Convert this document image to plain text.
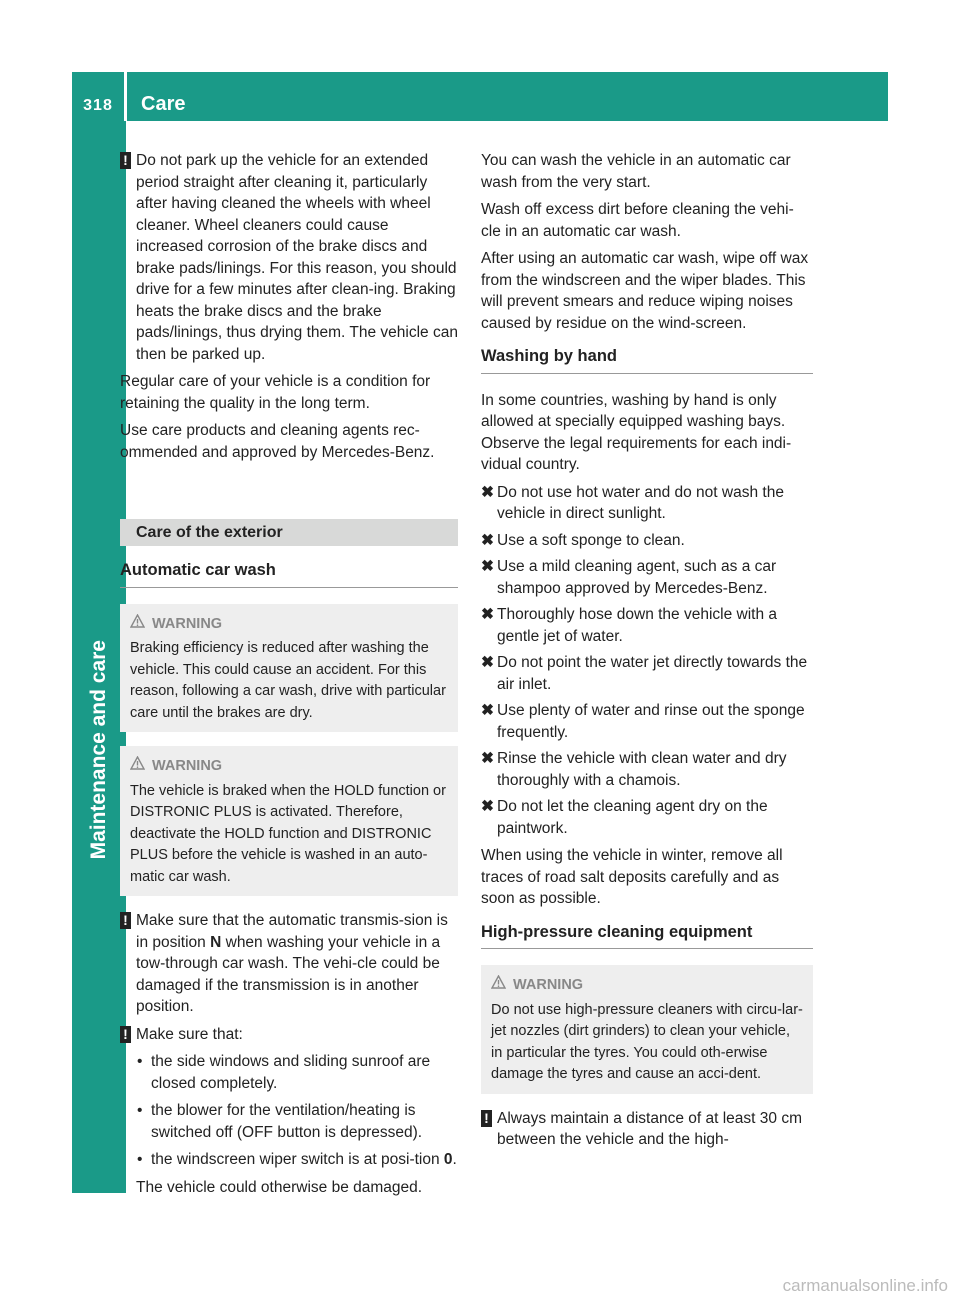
318	Care
Maintenance and care
! Do not park up the vehicle for an extended period straight after cleaning it, particularly after having cleaned the wheels with wheel cleaner. Wheel cleaners could cause increased corrosion of the brake discs and brake pads/linings. For this reason, you should drive for a few minutes after clean-ing. Braking heats the brake discs and the brake pads/linings, thus drying them. The vehicle can then be parked up.

Regular care of your vehicle is a condition for retaining the quality in the long term.

Use care products and cleaning agents rec-ommended and approved by Mercedes-Benz.

Care of the exterior
Automatic car wash
WARNING
Braking efficiency is reduced after washing the vehicle. This could cause an accident. For this reason, following a car wash, drive with particular care until the brakes are dry.
WARNING
The vehicle is braked when the HOLD function or DISTRONIC PLUS is activated. Therefore, deactivate the HOLD function and DISTRONIC PLUS before the vehicle is washed in an auto-matic car wash.
! Make sure that the automatic transmis-sion is in position N when washing your vehicle in a tow-through car wash. The vehi-cle could be damaged if the transmission is in another position.
! Make sure that:
• the side windows and sliding sunroof are closed completely.
• the blower for the ventilation/heating is switched off (OFF button is depressed).
• the windscreen wiper switch is at posi-tion 0.

The vehicle could otherwise be damaged.

You can wash the vehicle in an automatic car wash from the very start.

Wash off excess dirt before cleaning the vehi-cle in an automatic car wash.

After using an automatic car wash, wipe off wax from the windscreen and the wiper blades. This will prevent smears and reduce wiping noises caused by residue on the wind-screen.

Washing by hand

In some countries, washing by hand is only allowed at specially equipped washing bays. Observe the legal requirements for each indi-vidual country.

✖︎ Do not use hot water and do not wash the vehicle in direct sunlight.
✖︎ Use a soft sponge to clean.
✖︎ Use a mild cleaning agent, such as a car shampoo approved by Mercedes-Benz.
✖︎ Thoroughly hose down the vehicle with a gentle jet of water.
✖︎ Do not point the water jet directly towards the air inlet.
✖︎ Use plenty of water and rinse out the sponge frequently.
✖︎ Rinse the vehicle with clean water and dry thoroughly with a chamois.
✖︎ Do not let the cleaning agent dry on the paintwork.

When using the vehicle in winter, remove all traces of road salt deposits carefully and as soon as possible.

High-pressure cleaning equipment
WARNING
Do not use high-pressure cleaners with circu-lar-jet nozzles (dirt grinders) to clean your vehicle, in particular the tyres. You could oth-erwise damage the tyres and cause an acci-dent.
! Always maintain a distance of at least 30 cm between the vehicle and the high-
carmanualsonline.info
